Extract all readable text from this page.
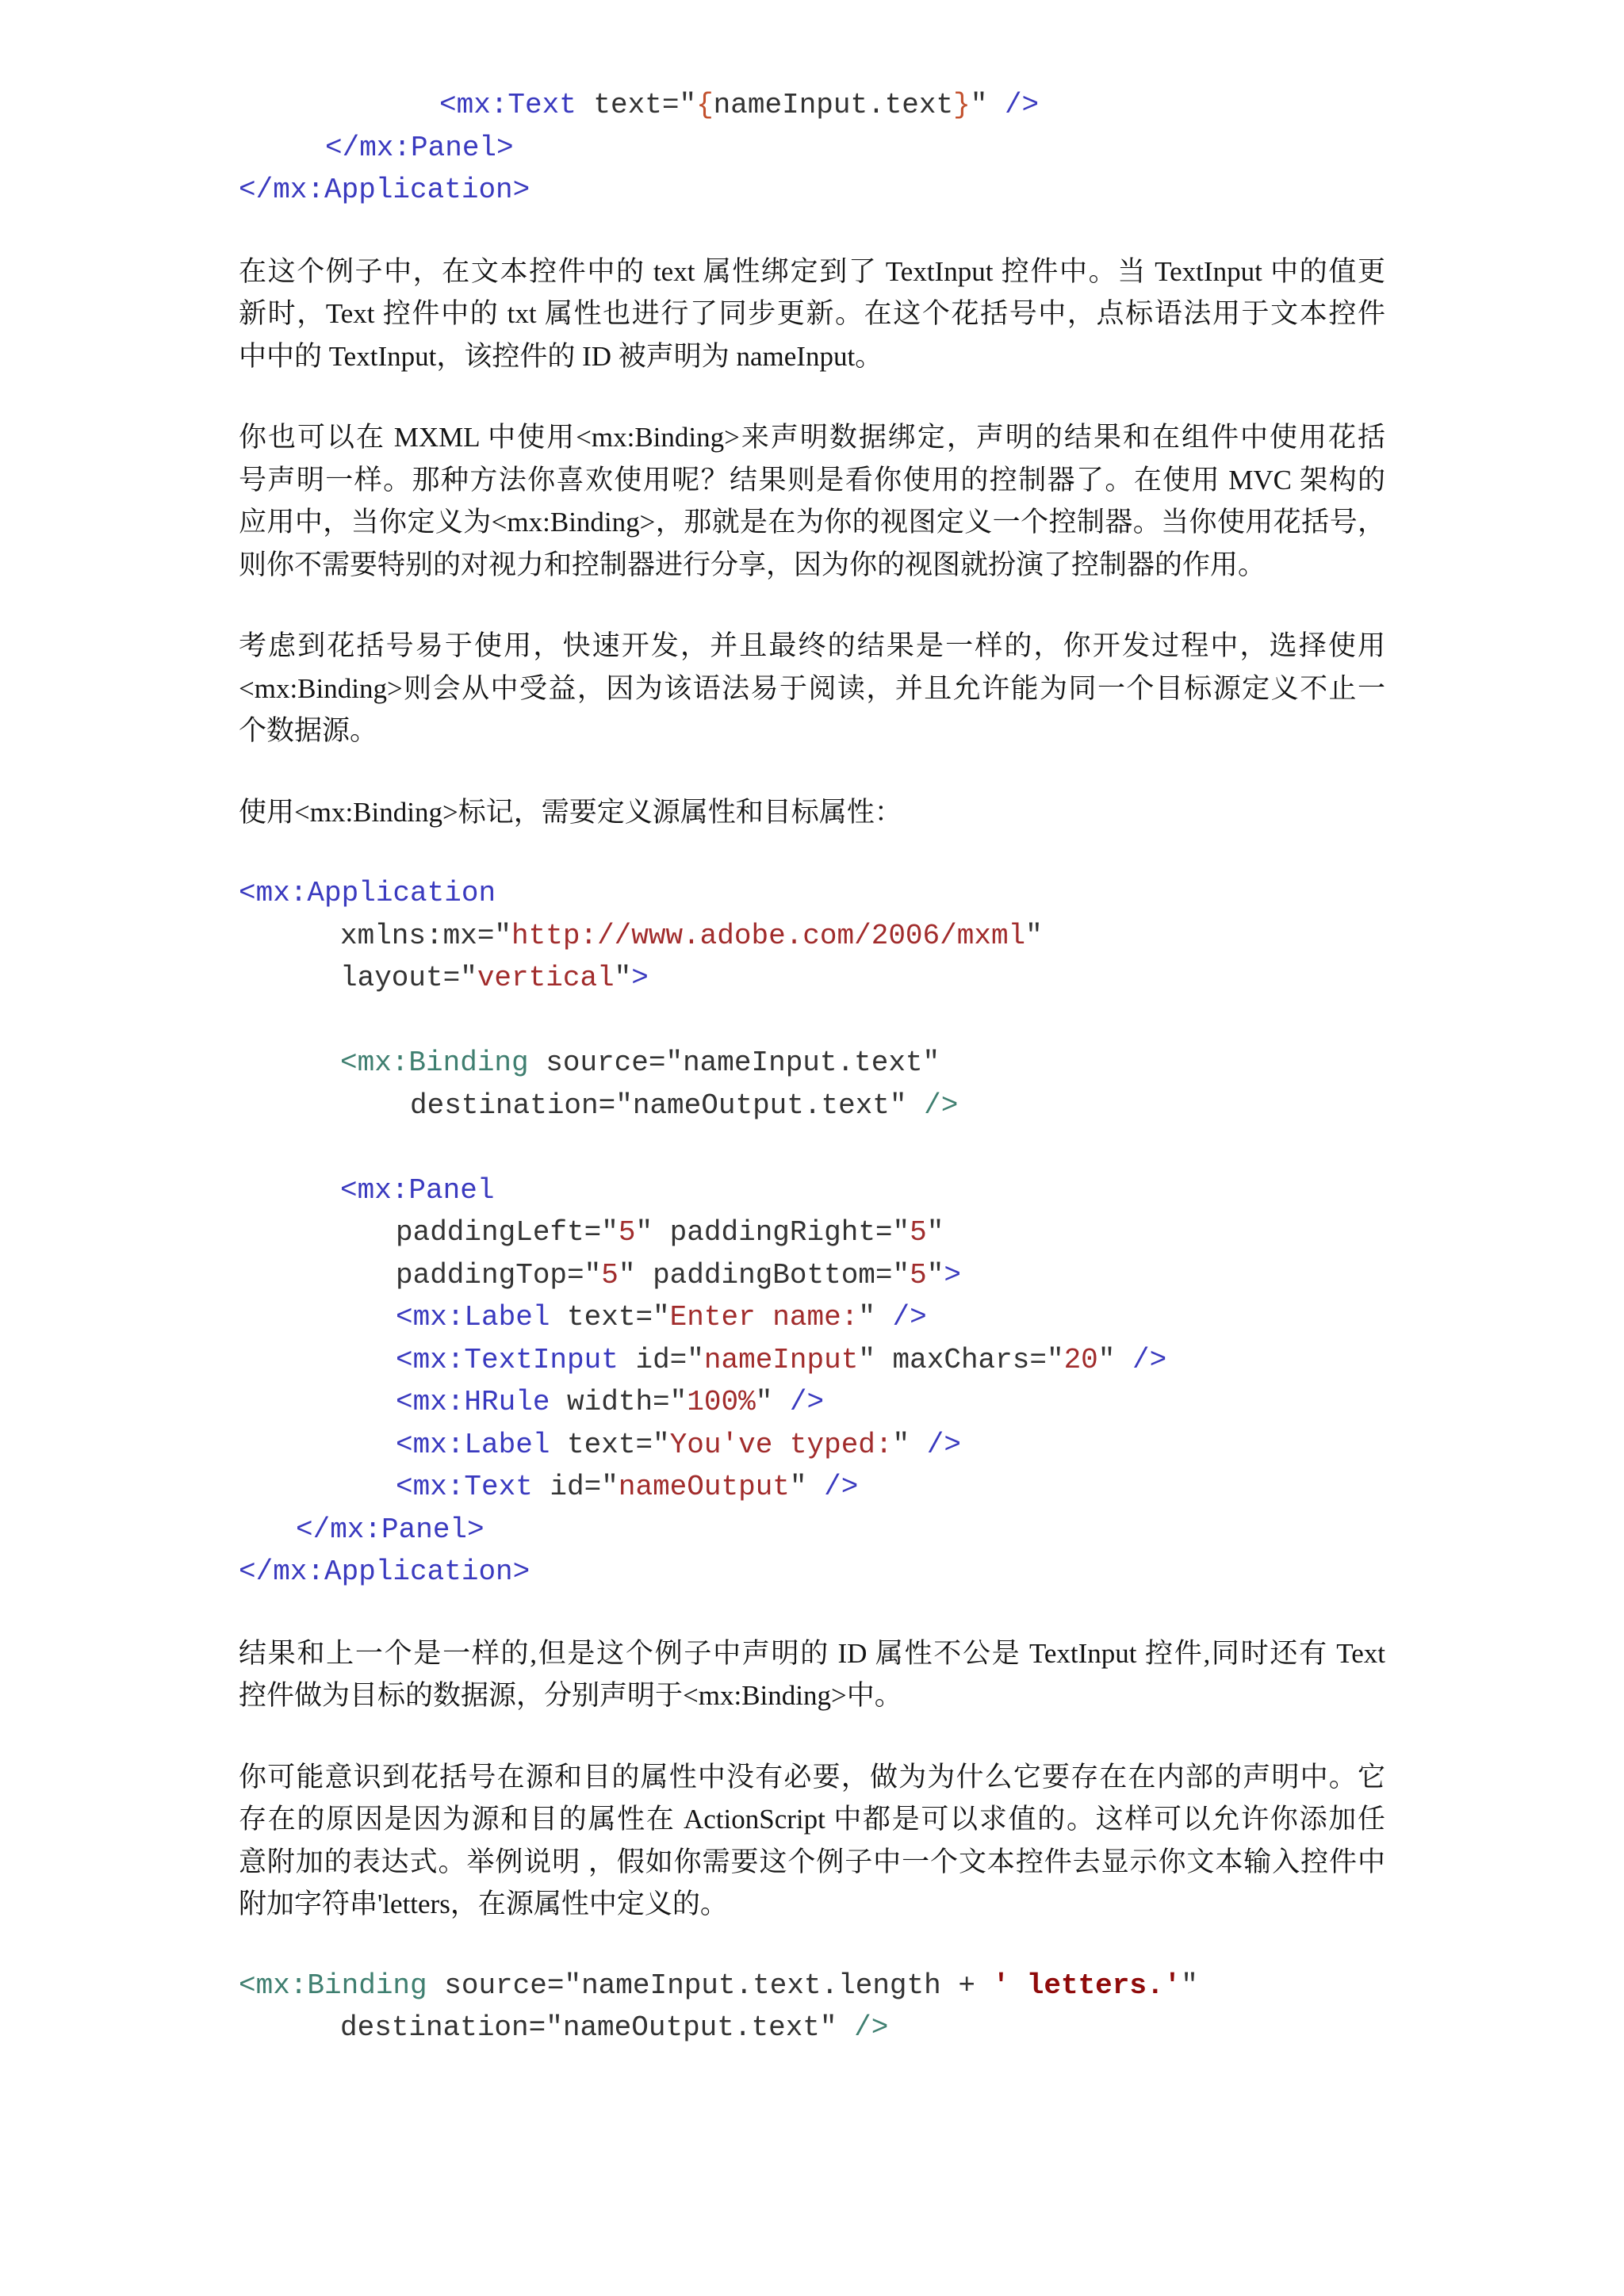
<mx:Text text="{nameInput.text}" />
</mx:Panel>
</mx:Application>
在这个例子中，在文本控件中的 text 属性绑定到了 TextInput 控件中。当 TextInput 中的值更
新时，Text 控件中的 txt 属性也进行了同步更新。在这个花括号中，点标语法用于文本控件
中中的 TextInput，该控件的 ID 被声明为 nameInput。
你也可以在 MXML 中使用<mx:Binding>来声明数据绑定，声明的结果和在组件中使用花括
号声明一样。那种方法你喜欢使用呢？结果则是看你使用的控制器了。在使用 MVC 架构的
应用中，当你定义为<mx:Binding>，那就是在为你的视图定义一个控制器。当你使用花括号，
则你不需要特别的对视力和控制器进行分享，因为你的视图就扮演了控制器的作用。
考虑到花括号易于使用，快速开发，并且最终的结果是一样的，你开发过程中，选择使用
<mx:Binding>则会从中受益，因为该语法易于阅读，并且允许能为同一个目标源定义不止一
个数据源。
使用<mx:Binding>标记，需要定义源属性和目标属性：
<mx:Application
xmlns:mx="http://www.adobe.com/2006/mxml"
layout="vertical">
<mx:Binding source="nameInput.text"
destination="nameOutput.text" />
<mx:Panel
paddingLeft="5" paddingRight="5"
paddingTop="5" paddingBottom="5">
<mx:Label text="Enter name:" />
<mx:TextInput id="nameInput" maxChars="20" />
<mx:HRule width="100%" />
<mx:Label text="You've typed:" />
<mx:Text id="nameOutput" />
</mx:Panel>
</mx:Application>
结果和上一个是一样的,但是这个例子中声明的 ID 属性不公是 TextInput 控件,同时还有 Text
控件做为目标的数据源，分别声明于<mx:Binding>中。
你可能意识到花括号在源和目的属性中没有必要，做为为什么它要存在在内部的声明中。它
存在的原因是因为源和目的属性在 ActionScript 中都是可以求值的。这样可以允许你添加任
意附加的表达式。举例说明 ，假如你需要这个例子中一个文本控件去显示你文本输入控件中
附加字符串'letters，在源属性中定义的。
<mx:Binding source="nameInput.text.length + ' letters.'"
destination="nameOutput.text" />
